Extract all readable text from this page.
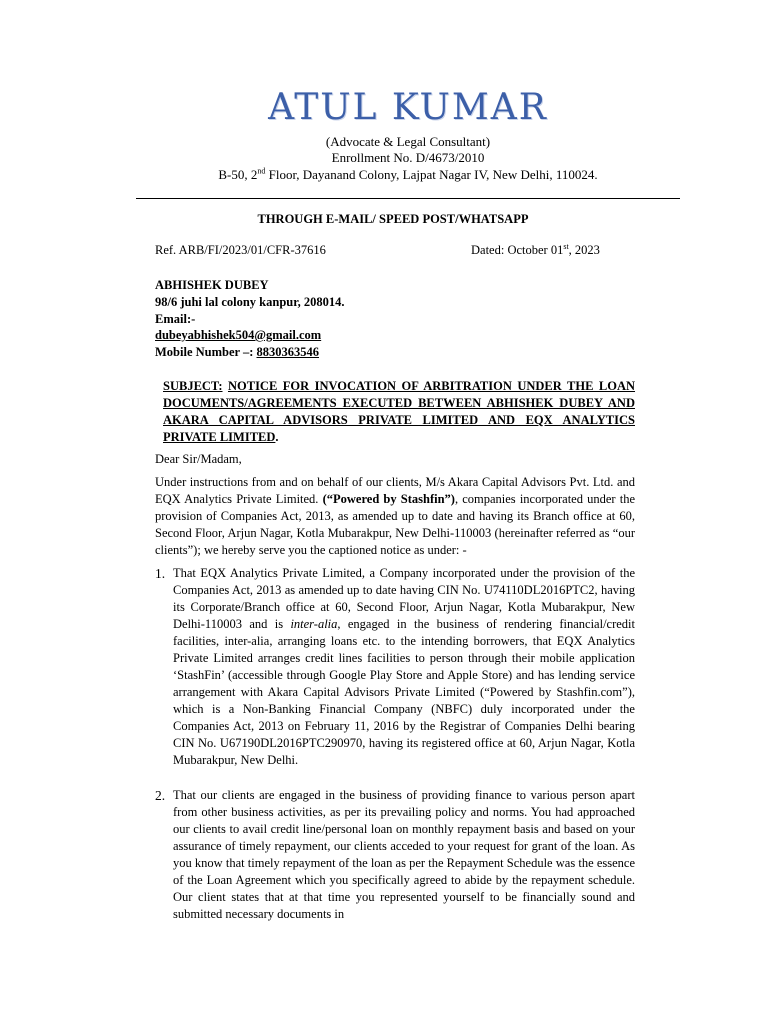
ATUL KUMAR
(Advocate & Legal Consultant)
Enrollment No. D/4673/2010
B-50, 2nd Floor, Dayanand Colony, Lajpat Nagar IV, New Delhi, 110024.
THROUGH E-MAIL/ SPEED POST/WHATSAPP
Ref. ARB/FI/2023/01/CFR-37616	Dated: October 01st, 2023
ABHISHEK DUBEY
98/6 juhi lal colony kanpur, 208014.
Email:-
dubeyabhishek504@gmail.com
Mobile Number –: 8830363546
SUBJECT: NOTICE FOR INVOCATION OF ARBITRATION UNDER THE LOAN DOCUMENTS/AGREEMENTS EXECUTED BETWEEN ABHISHEK DUBEY AND AKARA CAPITAL ADVISORS PRIVATE LIMITED AND EQX ANALYTICS PRIVATE LIMITED.
Dear Sir/Madam,
Under instructions from and on behalf of our clients, M/s Akara Capital Advisors Pvt. Ltd. and EQX Analytics Private Limited. (“Powered by Stashfin”), companies incorporated under the provision of Companies Act, 2013, as amended up to date and having its Branch office at 60, Second Floor, Arjun Nagar, Kotla Mubarakpur, New Delhi-110003 (hereinafter referred as “our clients”); we hereby serve you the captioned notice as under: -
1. That EQX Analytics Private Limited, a Company incorporated under the provision of the Companies Act, 2013 as amended up to date having CIN No. U74110DL2016PTC2, having its Corporate/Branch office at 60, Second Floor, Arjun Nagar, Kotla Mubarakpur, New Delhi-110003 and is inter-alia, engaged in the business of rendering financial/credit facilities, inter-alia, arranging loans etc. to the intending borrowers, that EQX Analytics Private Limited arranges credit lines facilities to person through their mobile application ‘StashFin’ (accessible through Google Play Store and Apple Store) and has lending service arrangement with Akara Capital Advisors Private Limited (“Powered by Stashfin.com”), which is a Non-Banking Financial Company (NBFC) duly incorporated under the Companies Act, 2013 on February 11, 2016 by the Registrar of Companies Delhi bearing CIN No. U67190DL2016PTC290970, having its registered office at 60, Arjun Nagar, Kotla Mubarakpur, New Delhi.
2. That our clients are engaged in the business of providing finance to various person apart from other business activities, as per its prevailing policy and norms. You had approached our clients to avail credit line/personal loan on monthly repayment basis and based on your assurance of timely repayment, our clients acceded to your request for grant of the loan. As you know that timely repayment of the loan as per the Repayment Schedule was the essence of the Loan Agreement which you specifically agreed to abide by the repayment schedule. Our client states that at that time you represented yourself to be financially sound and submitted necessary documents in
